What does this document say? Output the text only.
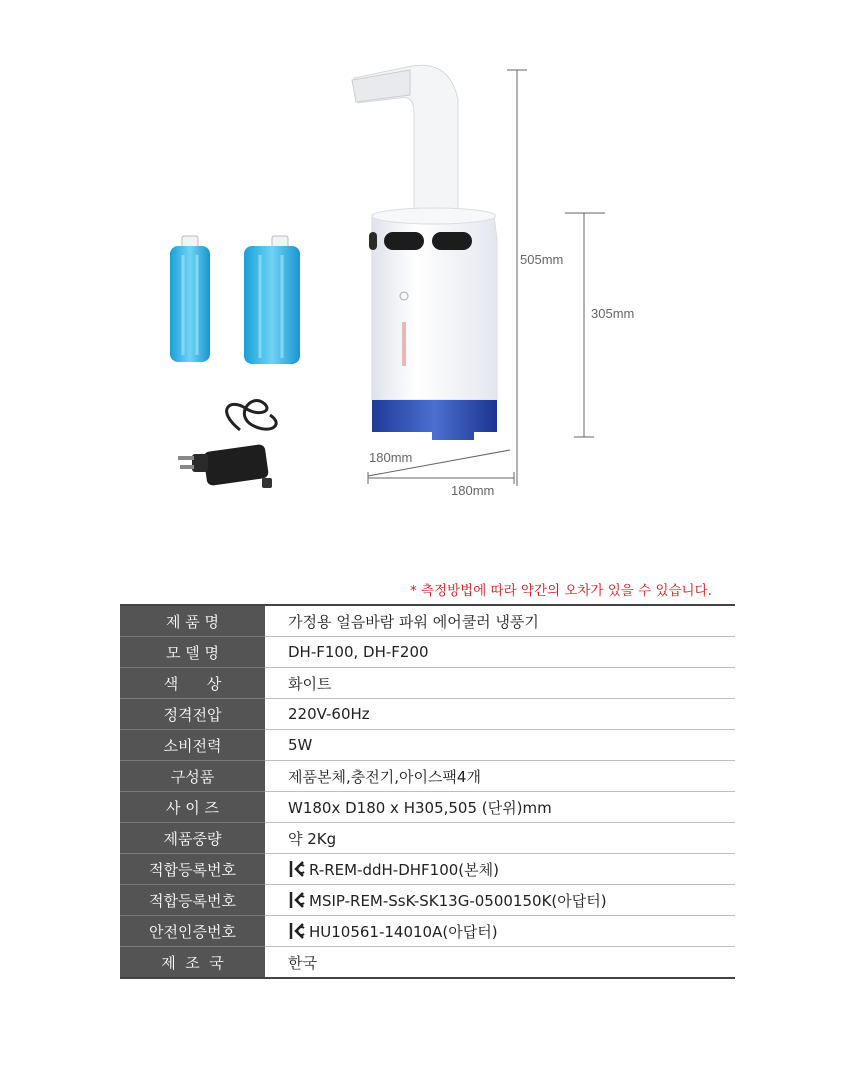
505mm
305mm
180mm
180mm
* 측정방법에 따라 약간의 오차가 있을 수 있습니다.
제 품 명	가정용 얼음바람 파워 에어쿨러 냉풍기
모 델 명	DH-F100, DH-F200
색      상	화이트
정격전압	220V-60Hz
소비전력	5W
구성품	제품본체,충전기,아이스팩4개
사 이 즈	W180x D180 x H305,505 (단위)mm
제품중량	약 2Kg
적합등록번호	R-REM-ddH-DHF100(본체)
적합등록번호	MSIP-REM-SsK-SK13G-0500150K(아답터)
안전인증번호	HU10561-14010A(아답터)
제  조  국	한국
